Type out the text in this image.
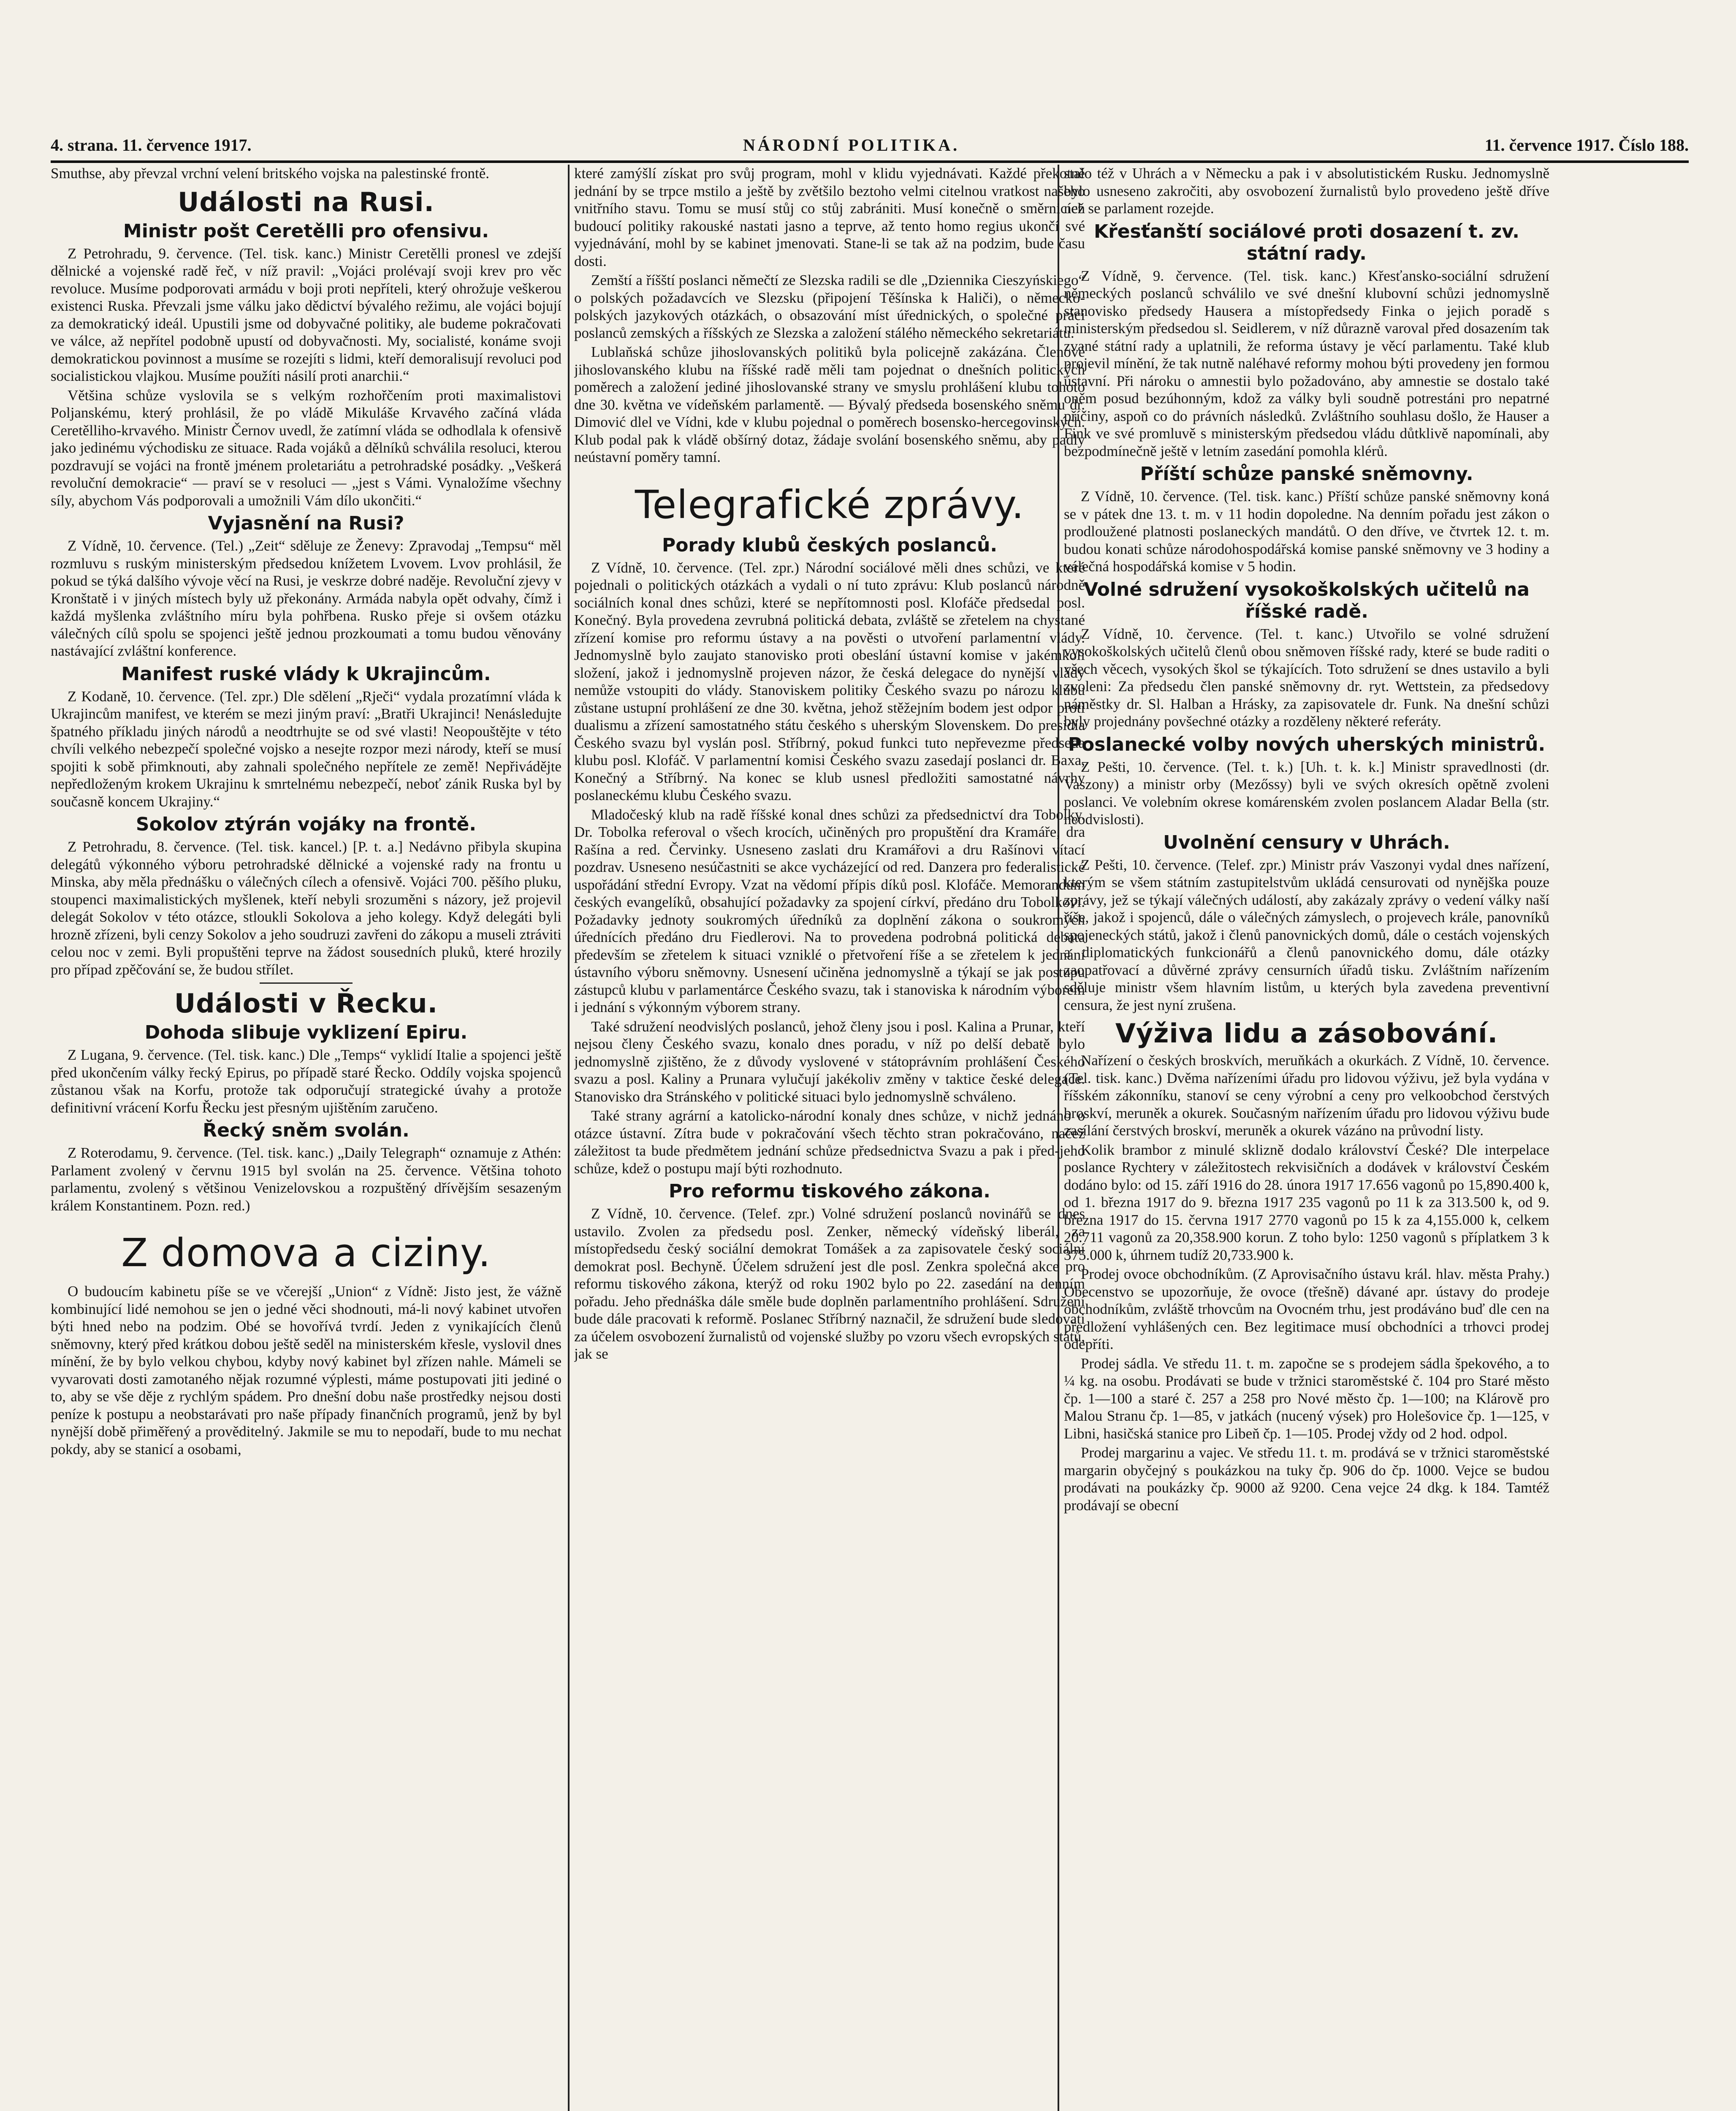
4. strana. 11. července 1917.	NÁRODNÍ POLITIKA.	11. července 1917. Číslo 188.

Smuthse, aby převzal vrchní velení britského vojska na palestinské frontě.

Události na Rusi.
Ministr pošt Ceretělli pro ofensivu.

Z Petrohradu, 9. července. (Tel. tisk. kanc.) Ministr Ceretělli pronesl ve zdejší dělnické a vojenské radě řeč, v níž pravil: „Vojáci prolévají svoji krev pro věc revoluce. Musíme podporovati armádu v boji proti nepříteli, který ohrožuje veškerou existenci Ruska. Převzali jsme válku jako dědictví bývalého režimu, ale vojáci bojují za demokratický ideál. Upustili jsme od dobyvačné politiky, ale budeme pokračovati ve válce, až nepřítel podobně upustí od dobyvačnosti. My, socialisté, konáme svoji demokratickou povinnost a musíme se rozejíti s lidmi, kteří demoralisují revoluci pod socialistickou vlajkou. Musíme použíti násilí proti anarchii.“

Většina schůze vyslovila se s velkým rozhořčením proti maximalistovi Poljanskému, který prohlásil, že po vládě Mikuláše Krvavého začíná vláda Ceretělliho-krvavého. Ministr Černov uvedl, že zatímní vláda se odhodlala k ofensivě jako jedinému východisku ze situace. Rada vojáků a dělníků schválila resoluci, kterou pozdravují se vojáci na frontě jménem proletariátu a petrohradské posádky. „Veškerá revoluční demokracie“ — praví se v resoluci — „jest s Vámi. Vynaložíme všechny síly, abychom Vás podporovali a umožnili Vám dílo ukončiti.“

Vyjasnění na Rusi?

Z Vídně, 10. července. (Tel.) „Zeit“ sděluje ze Ženevy: Zpravodaj „Tempsu“ měl rozmluvu s ruským ministerským předsedou knížetem Lvovem. Lvov prohlásil, že pokud se týká dalšího vývoje věcí na Rusi, je veskrze dobré naděje. Revoluční zjevy v Kronštatě i v jiných místech byly už překonány. Armáda nabyla opět odvahy, čímž i každá myšlenka zvláštního míru byla pohřbena. Rusko přeje si ovšem otázku válečných cílů spolu se spojenci ještě jednou prozkoumati a tomu budou věnovány nastávající zvláštní konference.

Manifest ruské vlády k Ukrajincům.

Z Kodaně, 10. července. (Tel. zpr.) Dle sdělení „Rječi“ vydala prozatímní vláda k Ukrajincům manifest, ve kterém se mezi jiným praví: „Bratři Ukrajinci! Nenásledujte špatného příkladu jiných národů a neodtrhujte se od své vlasti! Neopouštějte v této chvíli velkého nebezpečí společné vojsko a nesejte rozpor mezi národy, kteří se musí spojiti k sobě přimknouti, aby zahnali společného nepřítele ze země! Nepřivádějte nepředloženým krokem Ukrajinu k smrtelnému nebezpečí, neboť zánik Ruska byl by současně koncem Ukrajiny.“

Sokolov ztýrán vojáky na frontě.

Z Petrohradu, 8. července. (Tel. tisk. kancel.) [P. t. a.] Nedávno přibyla skupina delegátů výkonného výboru petrohradské dělnické a vojenské rady na frontu u Minska, aby měla přednášku o válečných cílech a ofensivě. Vojáci 700. pěšího pluku, stoupenci maximalistických myšlenek, kteří nebyli srozuměni s názory, jež projevil delegát Sokolov v této otázce, stloukli Sokolova a jeho kolegy. Když delegáti byli hrozně zřízeni, byli cenzy Sokolov a jeho soudruzi zavřeni do zákopu a museli ztráviti celou noc v zemi. Byli propuštěni teprve na žádost sousedních pluků, které hrozily pro případ zpěčování se, že budou střílet.

Události v Řecku.
Dohoda slibuje vyklizení Epiru.

Z Lugana, 9. července. (Tel. tisk. kanc.) Dle „Temps“ vyklidí Italie a spojenci ještě před ukončením války řecký Epirus, po případě staré Řecko. Oddíly vojska spojenců zůstanou však na Korfu, protože tak odporučují strategické úvahy a protože definitivní vrácení Korfu Řecku jest přesným ujištěním zaručeno.

Řecký sněm svolán.

Z Roterodamu, 9. července. (Tel. tisk. kanc.) „Daily Telegraph“ oznamuje z Athén: Parlament zvolený v červnu 1915 byl svolán na 25. července. Většina tohoto parlamentu, zvolený s většinou Venizelovskou a rozpuštěný dřívějším sesazeným králem Konstantinem. Pozn. red.)

Z domova a ciziny.

O budoucím kabinetu píše se ve včerejší „Union“ z Vídně: Jisto jest, že vážně kombinující lidé nemohou se jen o jedné věci shodnouti, má-li nový kabinet utvořen býti hned nebo na podzim. Obé se hovořívá tvrdí. Jeden z vynikajících členů sněmovny, který před krátkou dobou ještě seděl na ministerském křesle, vyslovil dnes mínění, že by bylo velkou chybou, kdyby nový kabinet byl zřízen nahle. Mámeli se vyvarovati dosti zamotaného nějak rozumné výplesti, máme postupovati jiti jediné o to, aby se vše děje z rychlým spádem. Pro dnešní dobu naše prostředky nejsou dosti peníze k postupu a neobstarávati pro naše případy finančních programů, jenž by byl nynější době přiměřený a prověditelný. Jakmile se mu to nepodaří, bude to mu nechat pokdy, aby se stanicí a osobami,

které zamýšlí získat pro svůj program, mohl v klidu vyjednávati. Každé překotně jednání by se trpce mstilo a ještě by zvětšilo beztoho velmi citelnou vratkost našeho vnitřního stavu. Tomu se musí stůj co stůj zabrániti. Musí konečně o směrnicích budoucí politiky rakouské nastati jasno a teprve, až tento homo regius ukončí své vyjednávání, mohl by se kabinet jmenovati. Stane-li se tak až na podzim, bude času dosti.

Zemští a říšští poslanci němečtí ze Slezska radili se dle „Dziennika Cieszyńskiego“ o polských požadavcích ve Slezsku (připojení Těšínska k Haliči), o německo-polských jazykových otázkách, o obsazování míst úřednických, o společné práci poslanců zemských a říšských ze Slezska a založení stálého německého sekretariátu.

Lublaňská schůze jihoslovanských politiků byla policejně zakázána. Členové jihoslovanského klubu na říšské radě měli tam pojednat o dnešních politických poměrech a založení jediné jihoslovanské strany ve smyslu prohlášení klubu tohoto dne 30. května ve vídeňském parlamentě. — Bývalý předseda bosenského sněmu dr. Dimović dlel ve Vídni, kde v klubu pojednal o poměrech bosensko-hercegovinských. Klub podal pak k vládě obšírný dotaz, žádaje svolání bosenského sněmu, aby padly neústavní poměry tamní.

Telegrafické zprávy.
Porady klubů českých poslanců.

Z Vídně, 10. července. (Tel. zpr.) Národní sociálové měli dnes schůzi, ve které pojednali o politických otázkách a vydali o ní tuto zprávu: Klub poslanců národně sociálních konal dnes schůzi, které se nepřítomnosti posl. Klofáče předsedal posl. Konečný. Byla provedena zevrubná politická debata, zvláště se zřetelem na chystané zřízení komise pro reformu ústavy a na pověsti o utvoření parlamentní vlády. Jednomyslně bylo zaujato stanovisko proti obeslání ústavní komise v jakémkoli složení, jakož i jednomyslně projeven názor, že česká delegace do nynější vlády nemůže vstoupiti do vlády. Stanoviskem politiky Českého svazu po nározu klubu zůstane ustupní prohlášení ze dne 30. května, jehož stěžejním bodem jest odpor proti dualismu a zřízení samostatného státu českého s uherským Slovenskem. Do presidia Českého svazu byl vyslán posl. Stříbrný, pokud funkci tuto nepřevezme předseda klubu posl. Klofáč. V parlamentní komisi Českého svazu zasedají poslanci dr. Baxa, Konečný a Stříbrný. Na konec se klub usnesl předložiti samostatné návrhy poslaneckému klubu Českého svazu.

Mladočeský klub na radě říšské konal dnes schůzi za předsednictví dra Tobolky. Dr. Tobolka referoval o všech krocích, učiněných pro propuštění dra Kramáře, dra Rašína a red. Červinky. Usneseno zaslati dru Kramářovi a dru Rašínovi vítací pozdrav. Usneseno nesúčastniti se akce vycházející od red. Danzera pro federalistické uspořádání střední Evropy. Vzat na vědomí přípis díků posl. Klofáče. Memorandum českých evangelíků, obsahující požadavky za spojení církví, předáno dru Tobolkovi. Požadavky jednoty soukromých úředníků za doplnění zákona o soukromých úřednících předáno dru Fiedlerovi. Na to provedena podrobná politická debata především se zřetelem k situaci vzniklé o přetvoření říše a se zřetelem k jednání ústavního výboru sněmovny. Usnesení učiněna jednomyslně a týkají se jak postupu zástupců klubu v parlamentárce Českého svazu, tak i stanoviska k národním výborem i jednání s výkonným výborem strany.

Také sdružení neodvislých poslanců, jehož členy jsou i posl. Kalina a Prunar, kteří nejsou členy Českého svazu, konalo dnes poradu, v níž po delší debatě bylo jednomyslně zjištěno, že z důvody vyslovené v státoprávním prohlášení Českého svazu a posl. Kaliny a Prunara vylučují jakékoliv změny v taktice české delegace. Stanovisko dra Stránského v politické situaci bylo jednomyslně schváleno.

Také strany agrární a katolicko-národní konaly dnes schůze, v nichž jednáno o otázce ústavní. Zítra bude v pokračování všech těchto stran pokračováno, načež záležitost ta bude předmětem jednání schůze předsednictva Svazu a pak i před-jeho schůze, kdež o postupu mají býti rozhodnuto.

Pro reformu tiskového zákona.

Z Vídně, 10. července. (Telef. zpr.) Volné sdružení poslanců novinářů se dnes ustavilo. Zvolen za předsedu posl. Zenker, německý vídeňský liberál, za místopředsedu český sociální demokrat Tomášek a za zapisovatele český sociální demokrat posl. Bechyně. Účelem sdružení jest dle posl. Zenkra společná akce pro reformu tiskového zákona, kterýž od roku 1902 bylo po 22. zasedání na denním pořadu. Jeho přednáška dále směle bude doplněn parlamentního prohlášení. Sdružení bude dále pracovati k reformě. Poslanec Stříbrný naznačil, že sdružení bude sledovati za účelem osvobození žurnalistů od vojenské služby po vzoru všech evropských států, jak se

stalo též v Uhrách a v Německu a pak i v absolutistickém Rusku. Jednomyslně bylo usneseno zakročiti, aby osvobození žurnalistů bylo provedeno ještě dříve než se parlament rozejde.

Křesťanští sociálové proti dosazení t. zv. státní rady.

Z Vídně, 9. července. (Tel. tisk. kanc.) Křesťansko-sociální sdružení německých poslanců schválilo ve své dnešní klubovní schůzi jednomyslně stanovisko předsedy Hausera a místopředsedy Finka o jejich poradě s ministerským předsedou sl. Seidlerem, v níž důrazně varoval před dosazením tak zvané státní rady a uplatnili, že reforma ústavy je věcí parlamentu. Také klub projevil mínění, že tak nutně naléhavé reformy mohou býti provedeny jen formou ústavní. Při nároku o amnestii bylo požadováno, aby amnestie se dostalo také oněm posud bezúhonným, kdož za války byli soudně potrestáni pro nepatrné příčiny, aspoň co do právních následků. Zvláštního souhlasu došlo, že Hauser a Fink ve své promluvě s ministerským předsedou vládu důtklivě napomínali, aby bezpodmínečně ještě v letním zasedání pomohla klérů.

Příští schůze panské sněmovny.

Z Vídně, 10. července. (Tel. tisk. kanc.) Příští schůze panské sněmovny koná se v pátek dne 13. t. m. v 11 hodin dopoledne. Na denním pořadu jest zákon o prodloužené platnosti poslaneckých mandátů. O den dříve, ve čtvrtek 12. t. m. budou konati schůze národohospodářská komise panské sněmovny ve 3 hodiny a válečná hospodářská komise v 5 hodin.

Volné sdružení vysokoškolských učitelů na říšské radě.

Z Vídně, 10. července. (Tel. t. kanc.) Utvořilo se volné sdružení vysokoškolských učitelů členů obou sněmoven říšské rady, které se bude raditi o všech věcech, vysokých škol se týkajících. Toto sdružení se dnes ustavilo a byli zvoleni: Za předsedu člen panské sněmovny dr. ryt. Wettstein, za předsedovy náměstky dr. Sl. Halban a Hrásky, za zapisovatele dr. Funk. Na dnešní schůzi byly projednány povšechné otázky a rozděleny některé referáty.

Poslanecké volby nových uherských ministrů.

Z Pešti, 10. července. (Tel. t. k.) [Uh. t. k. k.] Ministr spravedlnosti (dr. Vaszony) a ministr orby (Mezőssy) byli ve svých okresích opětně zvoleni poslanci. Ve volebním okrese komárenském zvolen poslancem Aladar Bella (str. neodvislosti).

Uvolnění censury v Uhrách.

Z Pešti, 10. července. (Telef. zpr.) Ministr práv Vaszonyi vydal dnes nařízení, kterým se všem státním zastupitelstvům ukládá censurovati od nynějška pouze zprávy, jež se týkají válečných událostí, aby zakázaly zprávy o vedení války naší říše, jakož i spojenců, dále o válečných zámyslech, o projevech krále, panovníků spojeneckých států, jakož i členů panovnických domů, dále o cestách vojenských a diplomatických funkcionářů a členů panovnického domu, dále otázky zaopatřovací a důvěrné zprávy censurních úřadů tisku. Zvláštním nařízením sděluje ministr všem hlavním listům, u kterých byla zavedena preventivní censura, že jest nyní zrušena.

Výživa lidu a zásobování.

Nařízení o českých broskvích, meruňkách a okurkách. Z Vídně, 10. července. (Tel. tisk. kanc.) Dvěma nařízeními úřadu pro lidovou výživu, jež byla vydána v říšském zákonníku, stanoví se ceny výrobní a ceny pro velkoobchod čerstvých broskví, meruněk a okurek. Současným nařízením úřadu pro lidovou výživu bude zasílání čerstvých broskví, meruněk a okurek vázáno na průvodní listy.

Kolik brambor z minulé sklizně dodalo království České? Dle interpelace poslance Rychtery v záležitostech rekvisičních a dodávek v království Českém dodáno bylo: od 15. září 1916 do 28. února 1917 17.656 vagonů po 15,890.400 k, od 1. března 1917 do 9. března 1917 235 vagonů po 11 k za 313.500 k, od 9. března 1917 do 15. června 1917 2770 vagonů po 15 k za 4,155.000 k, celkem 20.711 vagonů za 20,358.900 korun. Z toho bylo: 1250 vagonů s příplatkem 3 k 375.000 k, úhrnem tudíž 20,733.900 k.

Prodej ovoce obchodníkům. (Z Aprovisačního ústavu král. hlav. města Prahy.) Obecenstvo se upozorňuje, že ovoce (třešně) dávané apr. ústavy do prodeje obchodníkům, zvláště trhovcům na Ovocném trhu, jest prodáváno buď dle cen na předložení vyhlášených cen. Bez legitimace musí obchodníci a trhovci prodej odepříti.

Prodej sádla. Ve středu 11. t. m. započne se s prodejem sádla špekového, a to ¼ kg. na osobu. Prodávati se bude v tržnici staroměstské č. 104 pro Staré město čp. 1—100 a staré č. 257 a 258 pro Nové město čp. 1—100; na Klárově pro Malou Stranu čp. 1—85, v jatkách (nucený výsek) pro Holešovice čp. 1—125, v Libni, hasičská stanice pro Libeň čp. 1—105. Prodej vždy od 2 hod. odpol.

Prodej margarinu a vajec. Ve středu 11. t. m. prodává se v tržnici staroměstské margarin obyčejný s poukázkou na tuky čp. 906 do čp. 1000. Vejce se budou prodávati na poukázky čp. 9000 až 9200. Cena vejce 24 dkg. k 184. Tamtéž prodávají se obecní
